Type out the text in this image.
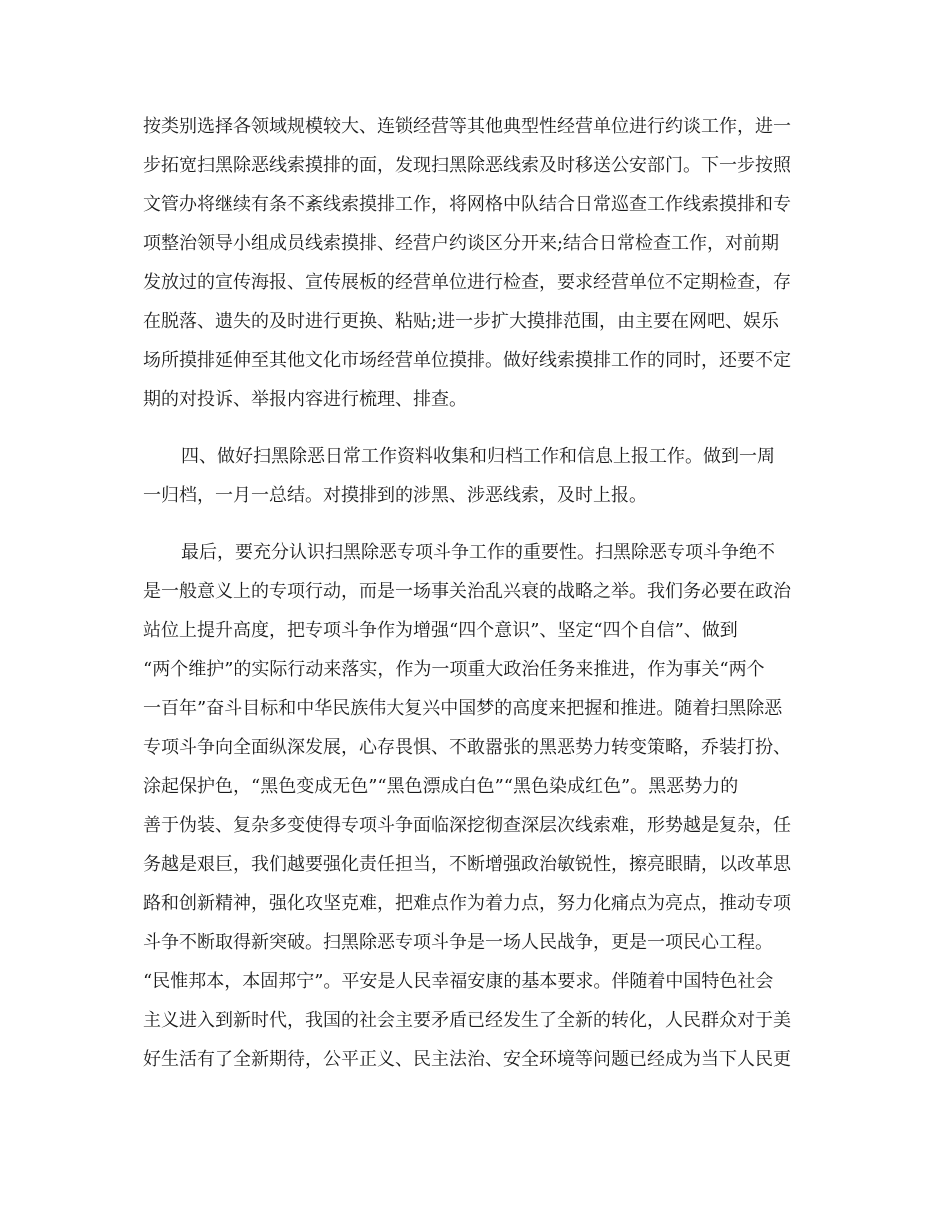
按类别选择各领域规模较大、连锁经营等其他典型性经营单位进行约谈工作，进一
步拓宽扫黑除恶线索摸排的面，发现扫黑除恶线索及时移送公安部门。下一步按照
文管办将继续有条不紊线索摸排工作，将网格中队结合日常巡查工作线索摸排和专
项整治领导小组成员线索摸排、经营户约谈区分开来;结合日常检查工作，对前期
发放过的宣传海报、宣传展板的经营单位进行检查，要求经营单位不定期检查，存
在脱落、遗失的及时进行更换、粘贴;进一步扩大摸排范围，由主要在网吧、娱乐
场所摸排延伸至其他文化市场经营单位摸排。做好线索摸排工作的同时，还要不定
期的对投诉、举报内容进行梳理、排查。
四、做好扫黑除恶日常工作资料收集和归档工作和信息上报工作。做到一周
一归档，一月一总结。对摸排到的涉黑、涉恶线索，及时上报。
最后，要充分认识扫黑除恶专项斗争工作的重要性。扫黑除恶专项斗争绝不
是一般意义上的专项行动，而是一场事关治乱兴衰的战略之举。我们务必要在政治
站位上提升高度，把专项斗争作为增强“四个意识”、坚定“四个自信”、做到
“两个维护”的实际行动来落实，作为一项重大政治任务来推进，作为事关“两个
一百年”奋斗目标和中华民族伟大复兴中国梦的高度来把握和推进。随着扫黑除恶
专项斗争向全面纵深发展，心存畏惧、不敢嚣张的黑恶势力转变策略，乔装打扮、
涂起保护色，“黑色变成无色”“黑色漂成白色”“黑色染成红色”。黑恶势力的
善于伪装、复杂多变使得专项斗争面临深挖彻查深层次线索难，形势越是复杂，任
务越是艰巨，我们越要强化责任担当，不断增强政治敏锐性，擦亮眼睛，以改革思
路和创新精神，强化攻坚克难，把难点作为着力点，努力化痛点为亮点，推动专项
斗争不断取得新突破。扫黑除恶专项斗争是一场人民战争，更是一项民心工程。
“民惟邦本，本固邦宁”。平安是人民幸福安康的基本要求。伴随着中国特色社会
主义进入到新时代，我国的社会主要矛盾已经发生了全新的转化，人民群众对于美
好生活有了全新期待，公平正义、民主法治、安全环境等问题已经成为当下人民更
